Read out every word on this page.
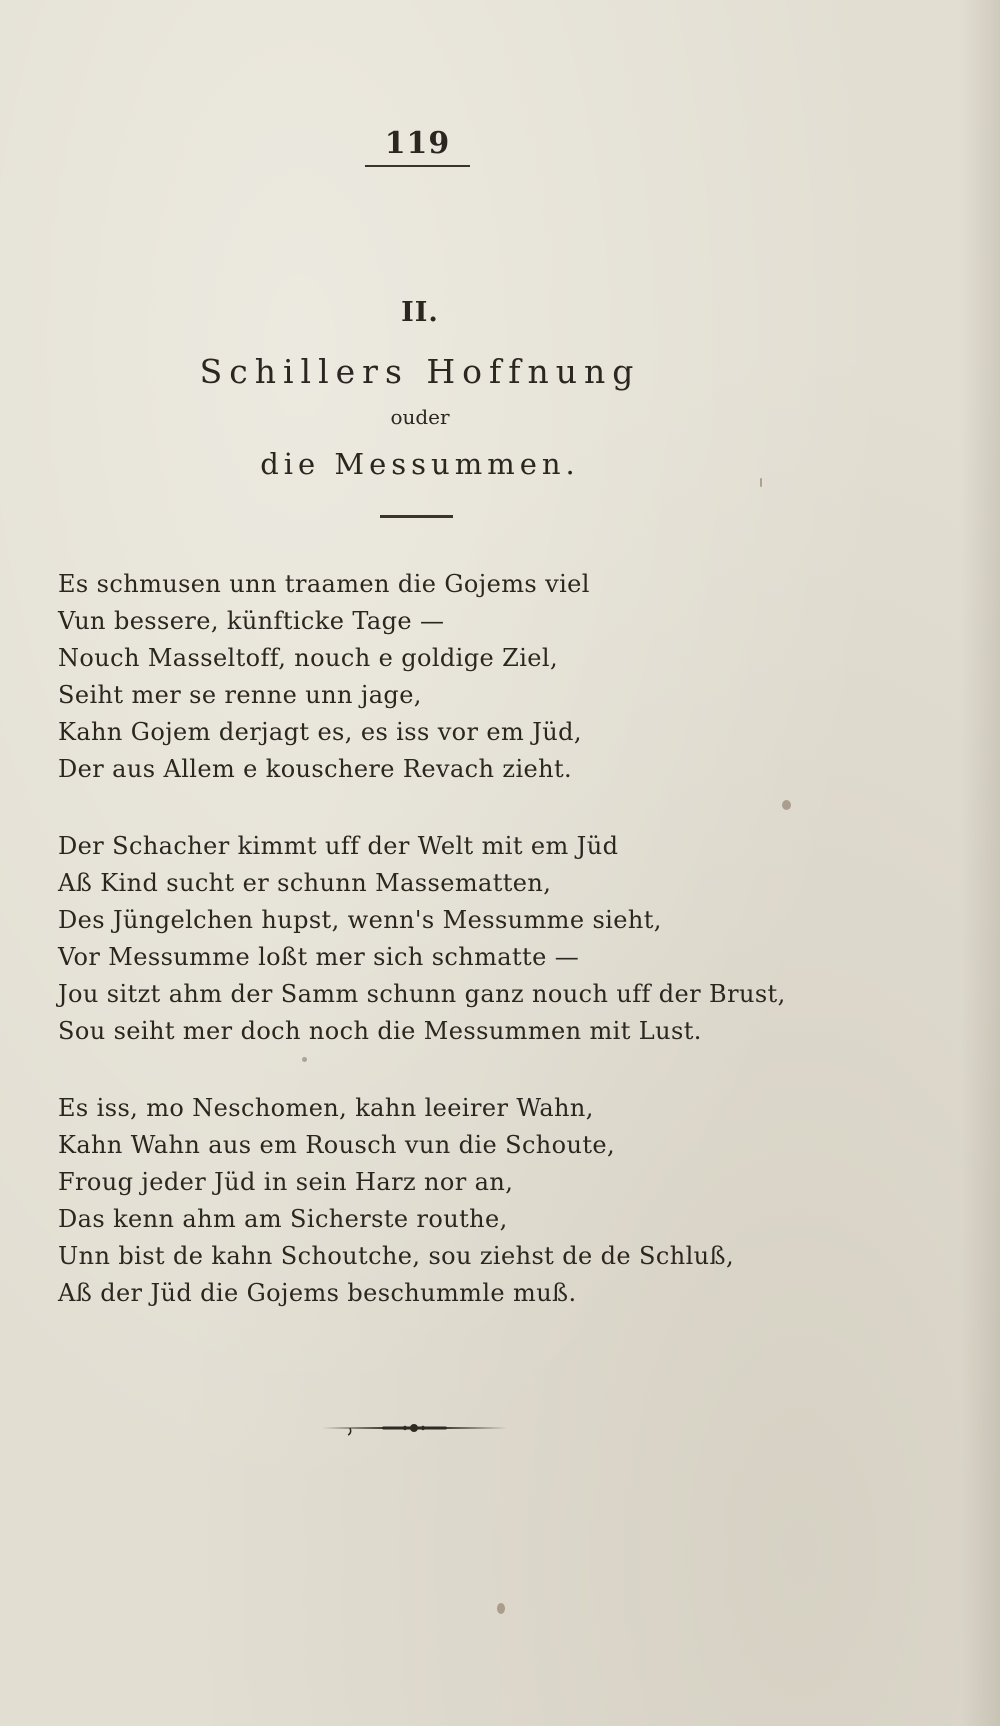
119
II.
Schillers Hoffnung
ouder
die Messummen.
Es schmusen unn traamen die Gojems viel
Vun bessere, künfticke Tage —
Nouch Masseltoff, nouch e goldige Ziel,
Seiht mer se renne unn jage,
Kahn Gojem derjagt es, es iss vor em Jüd,
Der aus Allem e kouschere Revach zieht.
Der Schacher kimmt uff der Welt mit em Jüd
Aß Kind sucht er schunn Massematten,
Des Jüngelchen hupst, wenn's Messumme sieht,
Vor Messumme loßt mer sich schmatte —
Jou sitzt ahm der Samm schunn ganz nouch uff der Brust,
Sou seiht mer doch noch die Messummen mit Lust.
Es iss, mo Neschomen, kahn leeirer Wahn,
Kahn Wahn aus em Rousch vun die Schoute,
Froug jeder Jüd in sein Harz nor an,
Das kenn ahm am Sicherste routhe,
Unn bist de kahn Schoutche, sou ziehst de de Schluß,
Aß der Jüd die Gojems beschummle muß.
